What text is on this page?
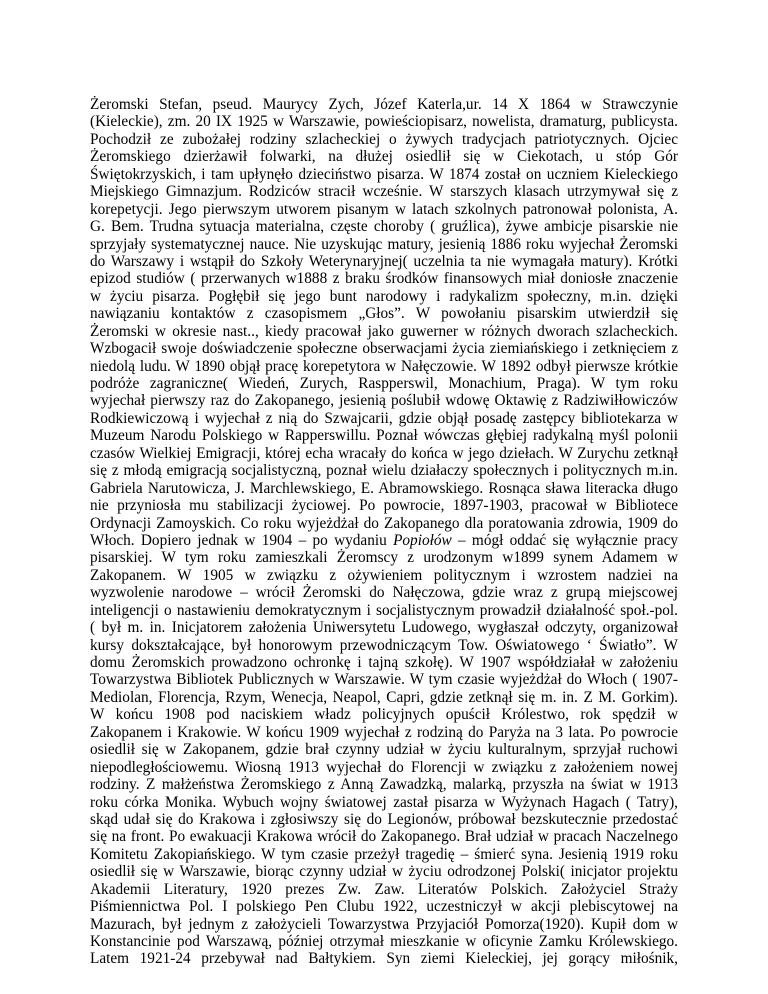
Żeromski Stefan, pseud. Maurycy Zych, Józef Katerla,ur. 14 X 1864 w Strawczynie
(Kieleckie), zm. 20 IX 1925 w Warszawie, powieściopisarz, nowelista, dramaturg, publicysta.
Pochodził ze zubożałej rodziny szlacheckiej o żywych tradycjach patriotycznych. Ojciec
Żeromskiego dzierżawił folwarki, na dłużej osiedlił się w Ciekotach, u stóp Gór
Świętokrzyskich, i tam upłynęło dzieciństwo pisarza. W 1874 został on uczniem Kieleckiego
Miejskiego Gimnazjum. Rodziców stracił wcześnie. W starszych klasach utrzymywał się z
korepetycji. Jego pierwszym utworem pisanym w latach szkolnych patronował polonista, A.
G. Bem. Trudna sytuacja materialna, częste choroby ( gruźlica), żywe ambicje pisarskie nie
sprzyjały systematycznej nauce. Nie uzyskując matury, jesienią 1886 roku wyjechał Żeromski
do Warszawy i wstąpił do Szkoły Weterynaryjnej( uczelnia ta nie wymagała matury). Krótki
epizod studiów ( przerwanych w1888 z braku środków finansowych miał doniosłe znaczenie
w życiu pisarza. Pogłębił się jego bunt narodowy i radykalizm społeczny, m.in. dzięki
nawiązaniu kontaktów z czasopismem „Głos”. W powołaniu pisarskim utwierdził się
Żeromski w okresie nast.., kiedy pracował jako guwerner w różnych dworach szlacheckich.
Wzbogacił swoje doświadczenie społeczne obserwacjami życia ziemiańskiego i zetknięciem z
niedolą ludu. W 1890 objął pracę korepetytora w Nałęczowie. W 1892 odbył pierwsze krótkie
podróże zagraniczne( Wiedeń, Zurych, Raspperswil, Monachium, Praga). W tym roku
wyjechał pierwszy raz do Zakopanego, jesienią poślubił wdowę Oktawię z Radziwiłłowiczów
Rodkiewiczową i wyjechał z nią do Szwajcarii, gdzie objął posadę zastępcy bibliotekarza w
Muzeum Narodu Polskiego w Rapperswillu. Poznał wówczas głębiej radykalną myśl polonii
czasów Wielkiej Emigracji, której echa wracały do końca w jego dziełach. W Zurychu zetknął
się z młodą emigracją socjalistyczną, poznał wielu działaczy społecznych i politycznych m.in.
Gabriela Narutowicza, J. Marchlewskiego, E. Abramowskiego. Rosnąca sława literacka długo
nie przyniosła mu stabilizacji życiowej. Po powrocie, 1897-1903, pracował w Bibliotece
Ordynacji Zamoyskich. Co roku wyjeżdżał do Zakopanego dla poratowania zdrowia, 1909 do
Włoch. Dopiero jednak w 1904 – po wydaniu Popiołów – mógł oddać się wyłącznie pracy
pisarskiej. W tym roku zamieszkali Żeromscy z urodzonym w1899 synem Adamem w
Zakopanem. W 1905 w związku z ożywieniem politycznym i wzrostem nadziei na
wyzwolenie narodowe – wrócił Żeromski do Nałęczowa, gdzie wraz z grupą miejscowej
inteligencji o nastawieniu demokratycznym i socjalistycznym prowadził działalność społ.-pol.
( był m. in. Inicjatorem założenia Uniwersytetu Ludowego, wygłaszał odczyty, organizował
kursy dokształcające, był honorowym przewodniczącym Tow. Oświatowego ‘ Światło”. W
domu Żeromskich prowadzono ochronkę i tajną szkołę). W 1907 współdziałał w założeniu
Towarzystwa Bibliotek Publicznych w Warszawie. W tym czasie wyjeżdżał do Włoch ( 1907-
Mediolan, Florencja, Rzym, Wenecja, Neapol, Capri, gdzie zetknął się m. in. Z M. Gorkim).
W końcu 1908 pod naciskiem władz policyjnych opuścił Królestwo, rok spędził w
Zakopanem i Krakowie. W końcu 1909 wyjechał z rodziną do Paryża na 3 lata. Po powrocie
osiedlił się w Zakopanem, gdzie brał czynny udział w życiu kulturalnym, sprzyjał ruchowi
niepodległościowemu. Wiosną 1913 wyjechał do Florencji w związku z założeniem nowej
rodziny. Z małżeństwa Żeromskiego z Anną Zawadzką, malarką, przyszła na świat w 1913
roku córka Monika. Wybuch wojny światowej zastał pisarza w Wyżynach Hagach ( Tatry),
skąd udał się do Krakowa i zgłosiwszy się do Legionów, próbował bezskutecznie przedostać
się na front. Po ewakuacji Krakowa wrócił do Zakopanego. Brał udział w pracach Naczelnego
Komitetu Zakopiańskiego. W tym czasie przeżył tragedię – śmierć syna. Jesienią 1919 roku
osiedlił się w Warszawie, biorąc czynny udział w życiu odrodzonej Polski( inicjator projektu
Akademii Literatury, 1920 prezes Zw. Zaw. Literatów Polskich. Założyciel Straży
Piśmiennictwa Pol. I polskiego Pen Clubu 1922, uczestniczył w akcji plebiscytowej na
Mazurach, był jednym z założycieli Towarzystwa Przyjaciół Pomorza(1920). Kupił dom w
Konstancinie pod Warszawą, później otrzymał mieszkanie w oficynie Zamku Królewskiego.
Latem 1921-24 przebywał nad Bałtykiem. Syn ziemi Kieleckiej, jej gorący miłośnik,
